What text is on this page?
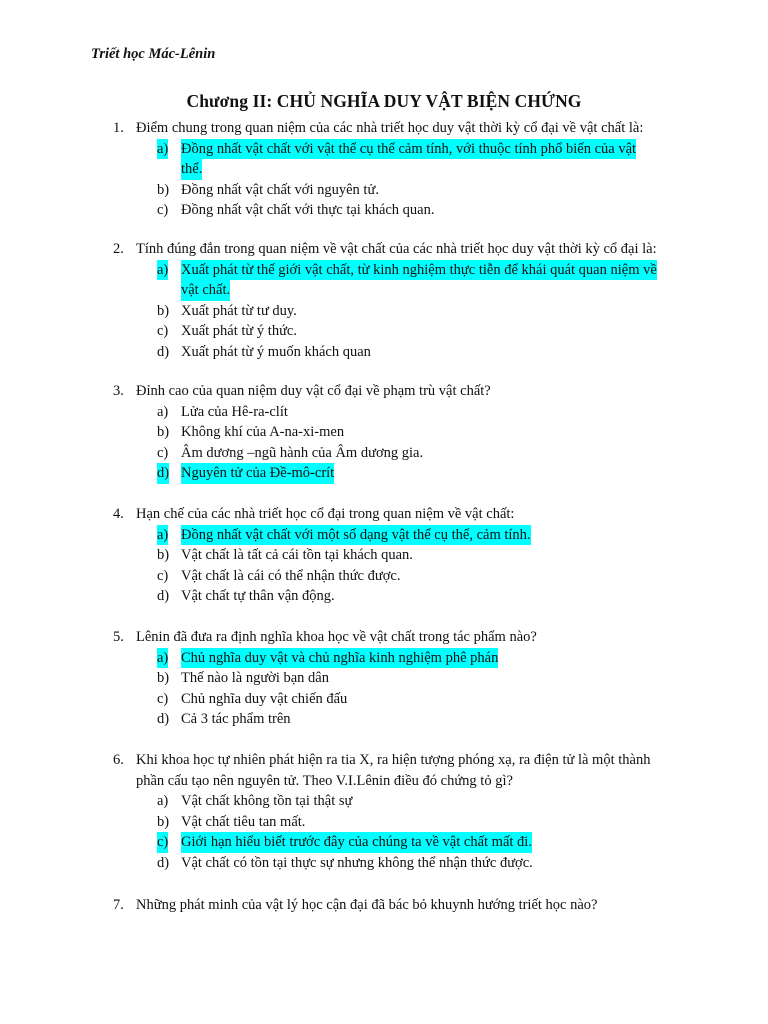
Triết học Mác-Lênin
Chương II: CHỦ NGHĨA DUY VẬT BIỆN CHỨNG
1. Điểm chung trong quan niệm của các nhà triết học duy vật thời kỳ cổ đại về vật chất là:
a) Đồng nhất vật chất với vật thể cụ thể cảm tính, với thuộc tính phổ biến của vật
thể.
b) Đồng nhất vật chất với nguyên tử.
c) Đồng nhất vật chất với thực tại khách quan.
2. Tính đúng đắn trong quan niệm về vật chất của các nhà triết học duy vật thời kỳ cổ đại là:
a) Xuất phát từ thế giới vật chất, từ kinh nghiệm thực tiễn để khái quát quan niệm về
vật chất.
b) Xuất phát từ tư duy.
c) Xuất phát từ ý thức.
d) Xuất phát từ ý muốn khách quan
3. Đỉnh cao của quan niệm duy vật cổ đại về phạm trù vật chất?
a) Lửa của Hê-ra-clít
b) Không khí của A-na-xi-men
c) Âm dương –ngũ hành của Âm dương gia.
d) Nguyên tử của Đề-mô-crít
4. Hạn chế của các nhà triết học cổ đại trong quan niệm về vật chất:
a) Đồng nhất vật chất với một số dạng vật thể cụ thể, cảm tính.
b) Vật chất là tất cả cái tồn tại khách quan.
c) Vật chất là cái có thể nhận thức được.
d) Vật chất tự thân vận động.
5. Lênin đã đưa ra định nghĩa khoa học về vật chất trong tác phẩm nào?
a) Chủ nghĩa duy vật và chủ nghĩa kinh nghiệm phê phán
b) Thế nào là người bạn dân
c) Chủ nghĩa duy vật chiến đấu
d) Cả 3 tác phẩm trên
6. Khi khoa học tự nhiên phát hiện ra tia X, ra hiện tượng phóng xạ, ra điện tử là một thành
phần cấu tạo nên nguyên tử. Theo V.I.Lênin điều đó chứng tỏ gì?
a) Vật chất không tồn tại thật sự
b) Vật chất tiêu tan mất.
c) Giới hạn hiểu biết trước đây của chúng ta về vật chất mất đi.
d) Vật chất có tồn tại thực sự nhưng không thể nhận thức được.
7. Những phát minh của vật lý học cận đại đã bác bỏ khuynh hướng triết học nào?
